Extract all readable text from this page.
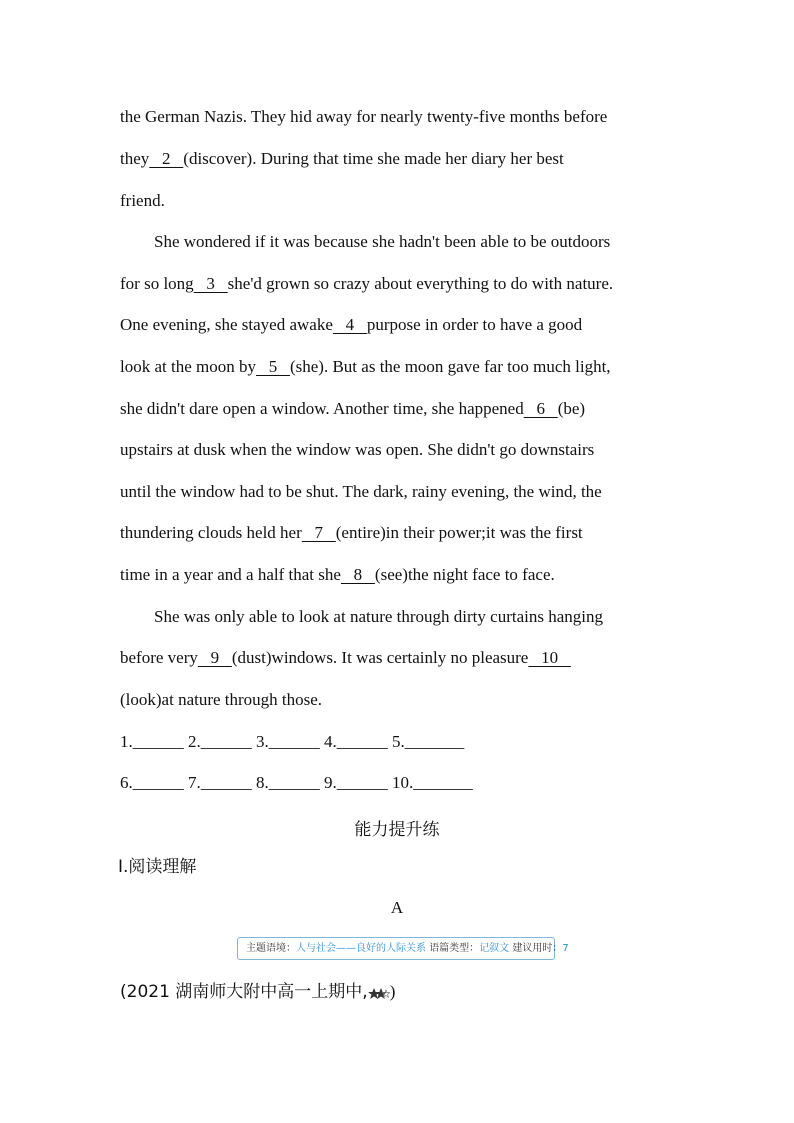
the German Nazis. They hid away for nearly twenty-five months before
they   2   (discover). During that time she made her diary her best
friend.
She wondered if it was because she hadn't been able to be outdoors
for so long   3   she'd grown so crazy about everything to do with nature.
One evening, she stayed awake   4   purpose in order to have a good
look at the moon by   5   (she). But as the moon gave far too much light,
she didn't dare open a window. Another time, she happened   6   (be)
upstairs at dusk when the window was open. She didn't go downstairs
until the window had to be shut. The dark, rainy evening, the wind, the
thundering clouds held her   7   (entire)in their power;it was the first
time in a year and a half that she   8   (see)the night face to face.
She was only able to look at nature through dirty curtains hanging
before very   9   (dust)windows. It was certainly no pleasure   10
(look)at nature through those.
1.______ 2.______ 3.______ 4.______ 5._______
6.______ 7.______ 8.______ 9.______ 10._______
能力提升练
Ⅰ.阅读理解
A
主题语境：人与社会——良好的人际关系 语篇类型：记叙文 建议用时：7
(2021 湖南师大附中高一上期中, )
